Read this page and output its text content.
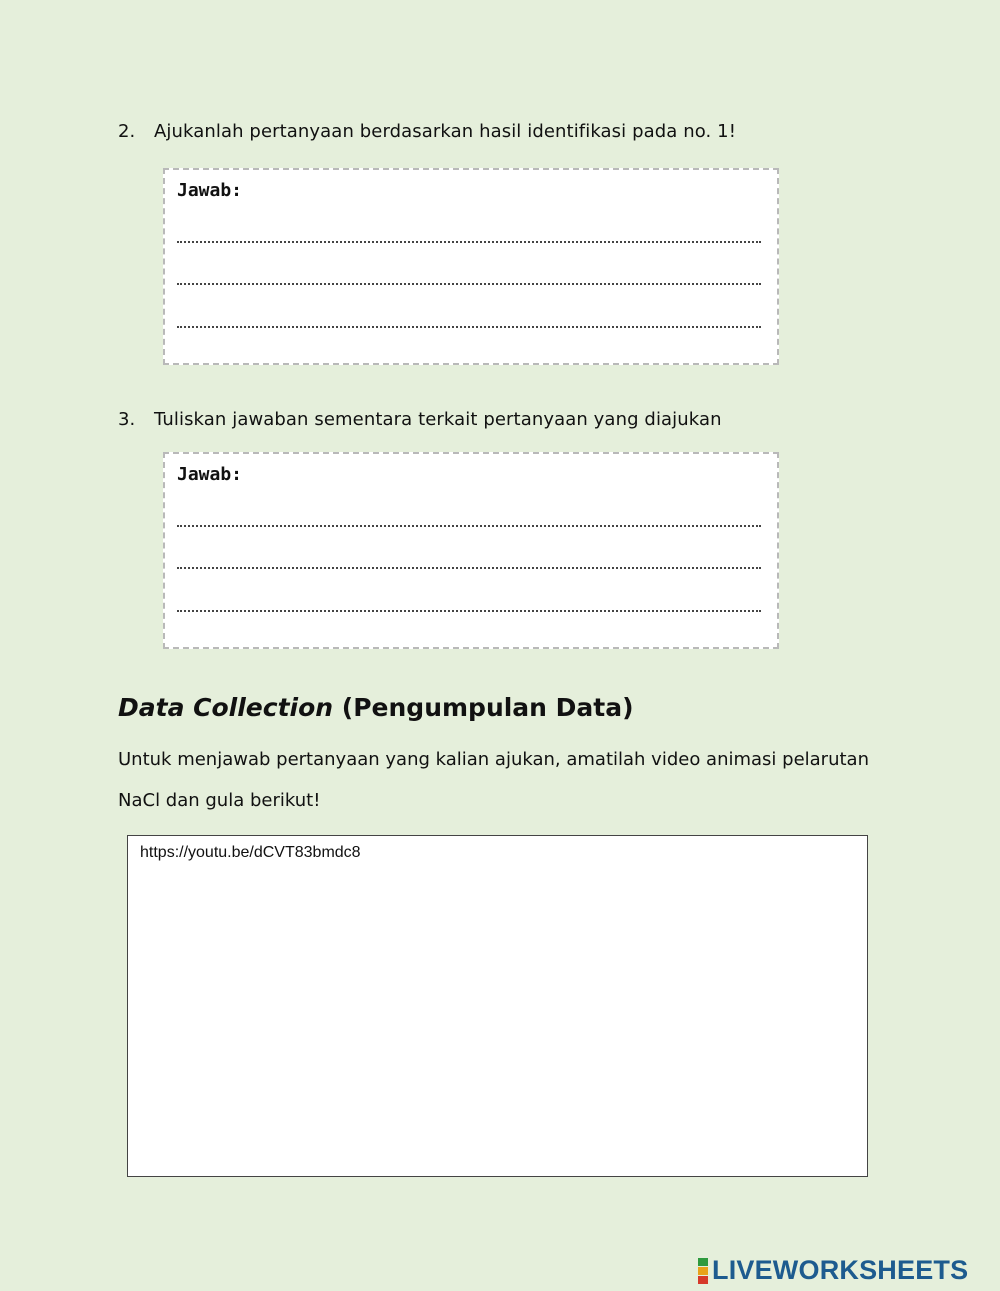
2.	Ajukanlah pertanyaan berdasarkan hasil identifikasi pada no. 1!
Jawab:
3.	Tuliskan jawaban sementara terkait pertanyaan yang diajukan
Jawab:
Data Collection (Pengumpulan Data)
Untuk menjawab pertanyaan yang kalian ajukan, amatilah video animasi pelarutan
NaCl dan gula berikut!
https://youtu.be/dCVT83bmdc8
LIVEWORKSHEETS
